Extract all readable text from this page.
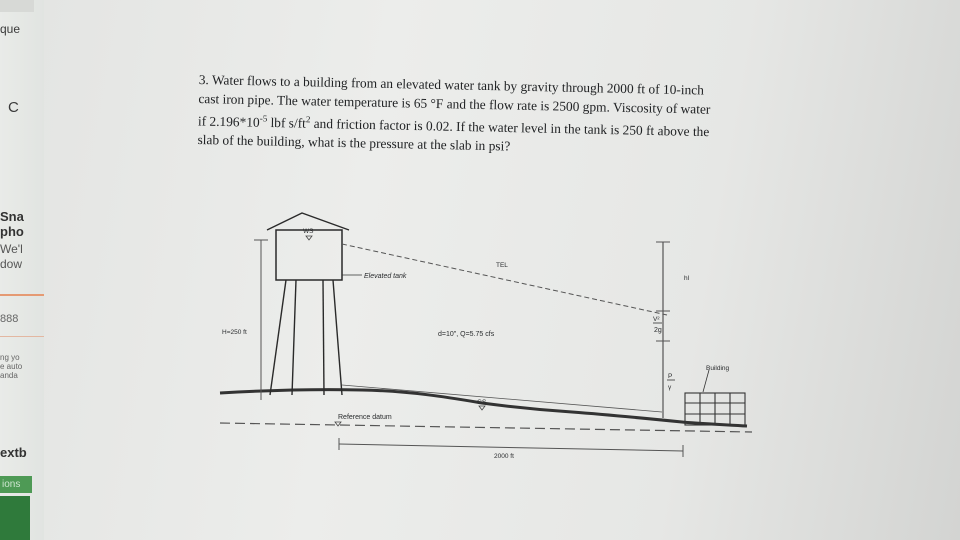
que
C
Sna
pho
We'l
dow
888
ng yo
e auto
anda
extb
ions

3. Water flows to a building from an elevated water tank by gravity through 2000 ft of 10-inch

cast iron pipe. The water temperature is 65 °F and the flow rate is 2500 gpm. Viscosity of water

if $2.196*10^{-5}$ lbf $s/ft^2$ and friction factor is 0.02. If the water level in the tank is 250 ft above the

slab of the building, what is the pressure at the slab in psi?

WS
Elevated tank
TEL
hl
V²
2g
H=250 ft	d=10", Q=5.75 cfs
Building
P
γ
GS
Reference datum
2000 ft
